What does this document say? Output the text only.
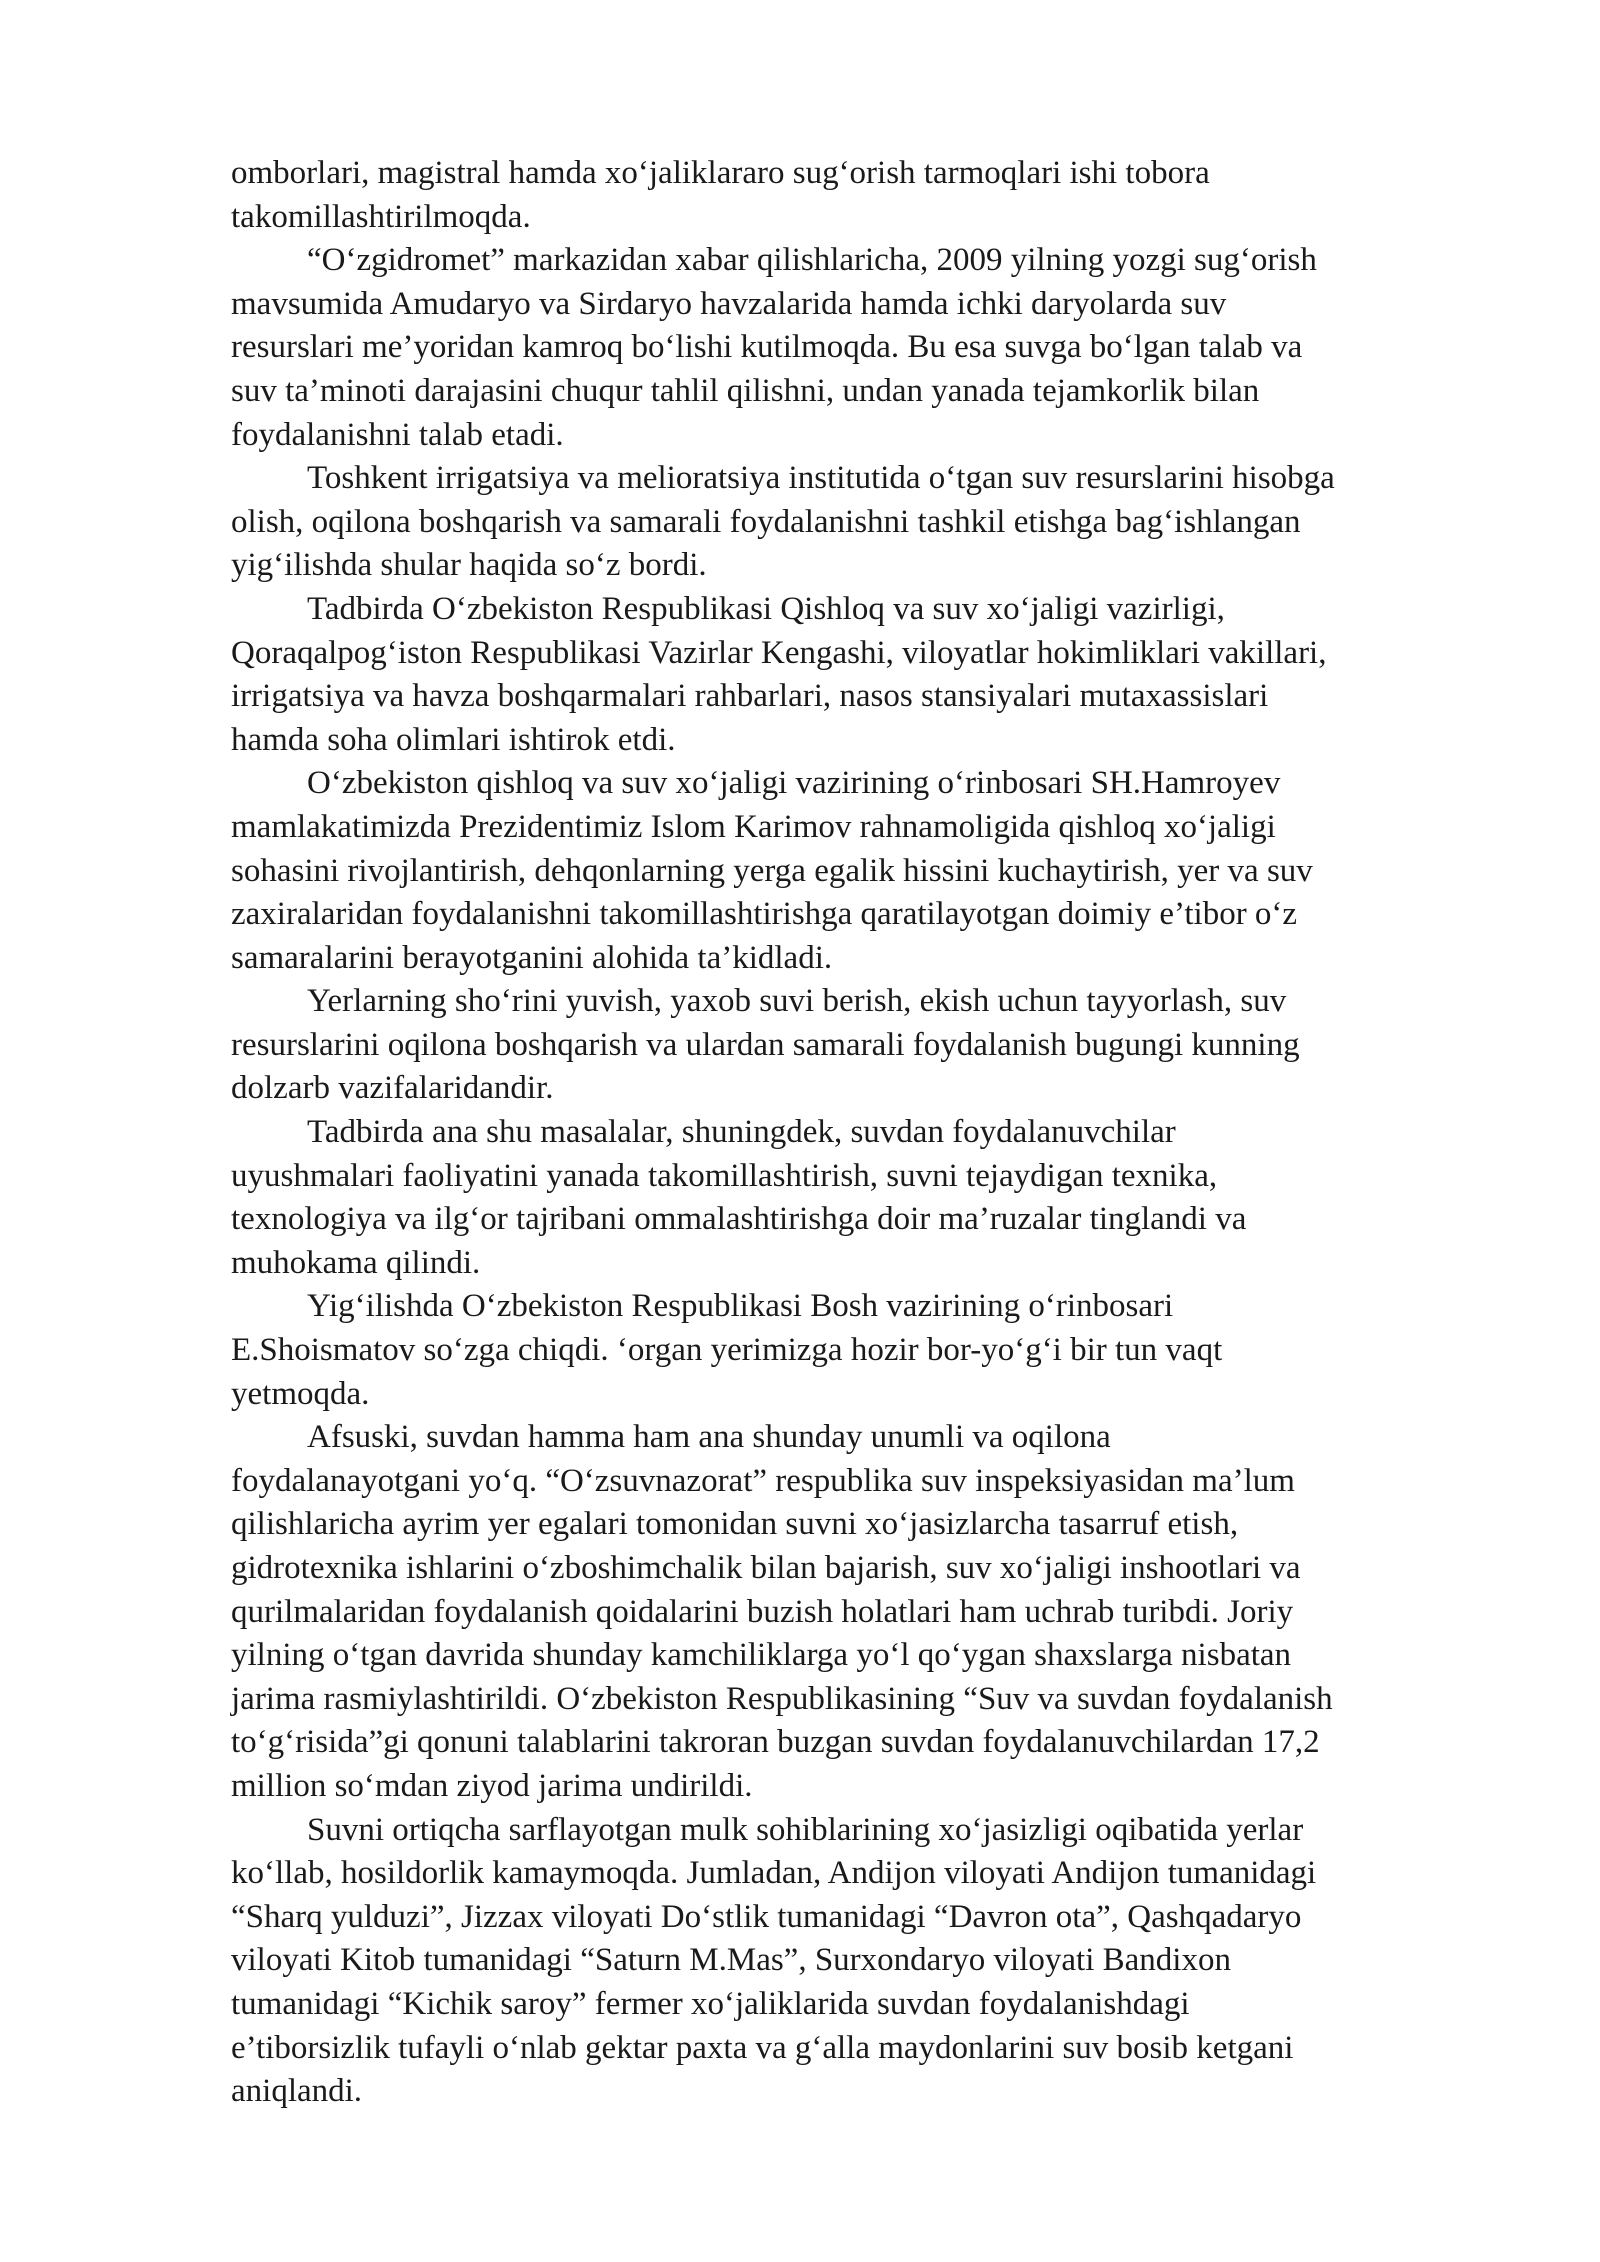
omborlari, magistral hamda xo‘jaliklararo sug‘orish tarmoqlari ishi tobora
takomillashtirilmoqda.

“O‘zgidromet” markazidan xabar qilishlaricha, 2009 yilning yozgi sug‘orish
mavsumida Amudaryo va Sirdaryo havzalarida hamda ichki daryolarda suv
resurslari me’yoridan kamroq bo‘lishi kutilmoqda. Bu esa suvga bo‘lgan talab va
suv ta’minoti darajasini chuqur tahlil qilishni, undan yanada tejamkorlik bilan
foydalanishni talab etadi.

Toshkent irrigatsiya va melioratsiya institutida o‘tgan suv resurslarini hisobga
olish, oqilona boshqarish va samarali foydalanishni tashkil etishga bag‘ishlangan
yig‘ilishda shular haqida so‘z bordi.

Tadbirda O‘zbekiston Respublikasi Qishloq va suv xo‘jaligi vazirligi,
Qoraqalpog‘iston Respublikasi Vazirlar Kengashi, viloyatlar hokimliklari vakillari,
irrigatsiya va havza boshqarmalari rahbarlari, nasos stansiyalari mutaxassislari
hamda soha olimlari ishtirok etdi.

O‘zbekiston qishloq va suv xo‘jaligi vazirining o‘rinbosari SH.Hamroyev
mamlakatimizda Prezidentimiz Islom Karimov rahnamoligida qishloq xo‘jaligi
sohasini rivojlantirish, dehqonlarning yerga egalik hissini kuchaytirish, yer va suv
zaxiralaridan foydalanishni takomillashtirishga qaratilayotgan doimiy e’tibor o‘z
samaralarini berayotganini alohida ta’kidladi.

Yerlarning sho‘rini yuvish, yaxob suvi berish, ekish uchun tayyorlash, suv
resurslarini oqilona boshqarish va ulardan samarali foydalanish bugungi kunning
dolzarb vazifalaridandir.

Tadbirda ana shu masalalar, shuningdek, suvdan foydalanuvchilar
uyushmalari faoliyatini yanada takomillashtirish, suvni tejaydigan texnika,
texnologiya va ilg‘or tajribani ommalashtirishga doir ma’ruzalar tinglandi va
muhokama qilindi.

Yig‘ilishda O‘zbekiston Respublikasi Bosh vazirining o‘rinbosari
E.Shoismatov so‘zga chiqdi. ‘organ yerimizga hozir bor-yo‘g‘i bir tun vaqt
yetmoqda.

Afsuski, suvdan hamma ham ana shunday unumli va oqilona
foydalanayotgani yo‘q. “O‘zsuvnazorat” respublika suv inspeksiyasidan ma’lum
qilishlaricha ayrim yer egalari tomonidan suvni xo‘jasizlarcha tasarruf etish,
gidrotexnika ishlarini o‘zboshimchalik bilan bajarish, suv xo‘jaligi inshootlari va
qurilmalaridan foydalanish qoidalarini buzish holatlari ham uchrab turibdi. Joriy
yilning o‘tgan davrida shunday kamchiliklarga yo‘l qo‘ygan shaxslarga nisbatan
jarima rasmiylashtirildi. O‘zbekiston Respublikasining “Suv va suvdan foydalanish
to‘g‘risida”gi qonuni talablarini takroran buzgan suvdan foydalanuvchilardan 17,2
million so‘mdan ziyod jarima undirildi.

Suvni ortiqcha sarflayotgan mulk sohiblarining xo‘jasizligi oqibatida yerlar
ko‘llab, hosildorlik kamaymoqda. Jumladan, Andijon viloyati Andijon tumanidagi
“Sharq yulduzi”, Jizzax viloyati Do‘stlik tumanidagi “Davron ota”, Qashqadaryo
viloyati Kitob tumanidagi “Saturn M.Mas”, Surxondaryo viloyati Bandixon
tumanidagi “Kichik saroy” fermer xo‘jaliklarida suvdan foydalanishdagi
e’tiborsizlik tufayli o‘nlab gektar paxta va g‘alla maydonlarini suv bosib ketgani
aniqlandi.
